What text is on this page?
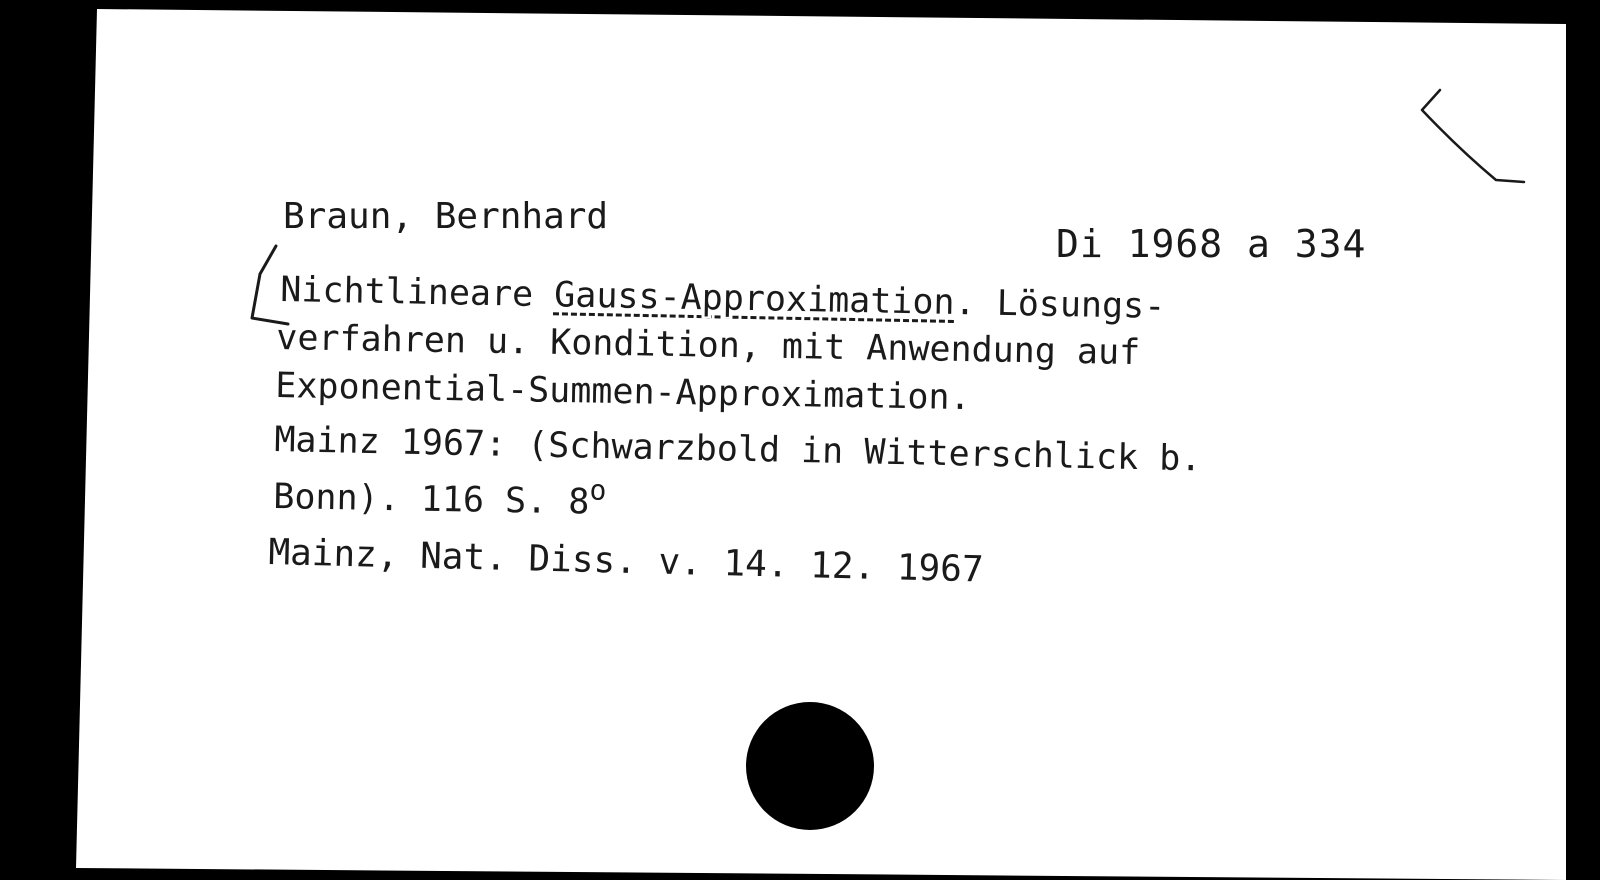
Braun, Bernhard
Di 1968 a 334
Nichtlineare Gauss-Approximation. Lösungs-
verfahren u. Kondition, mit Anwendung auf
Exponential-Summen-Approximation.
Mainz 1967: (Schwarzbold in Witterschlick b.
Bonn). 116 S. 8$^o$
Mainz, Nat. Diss. v. 14. 12. 1967
